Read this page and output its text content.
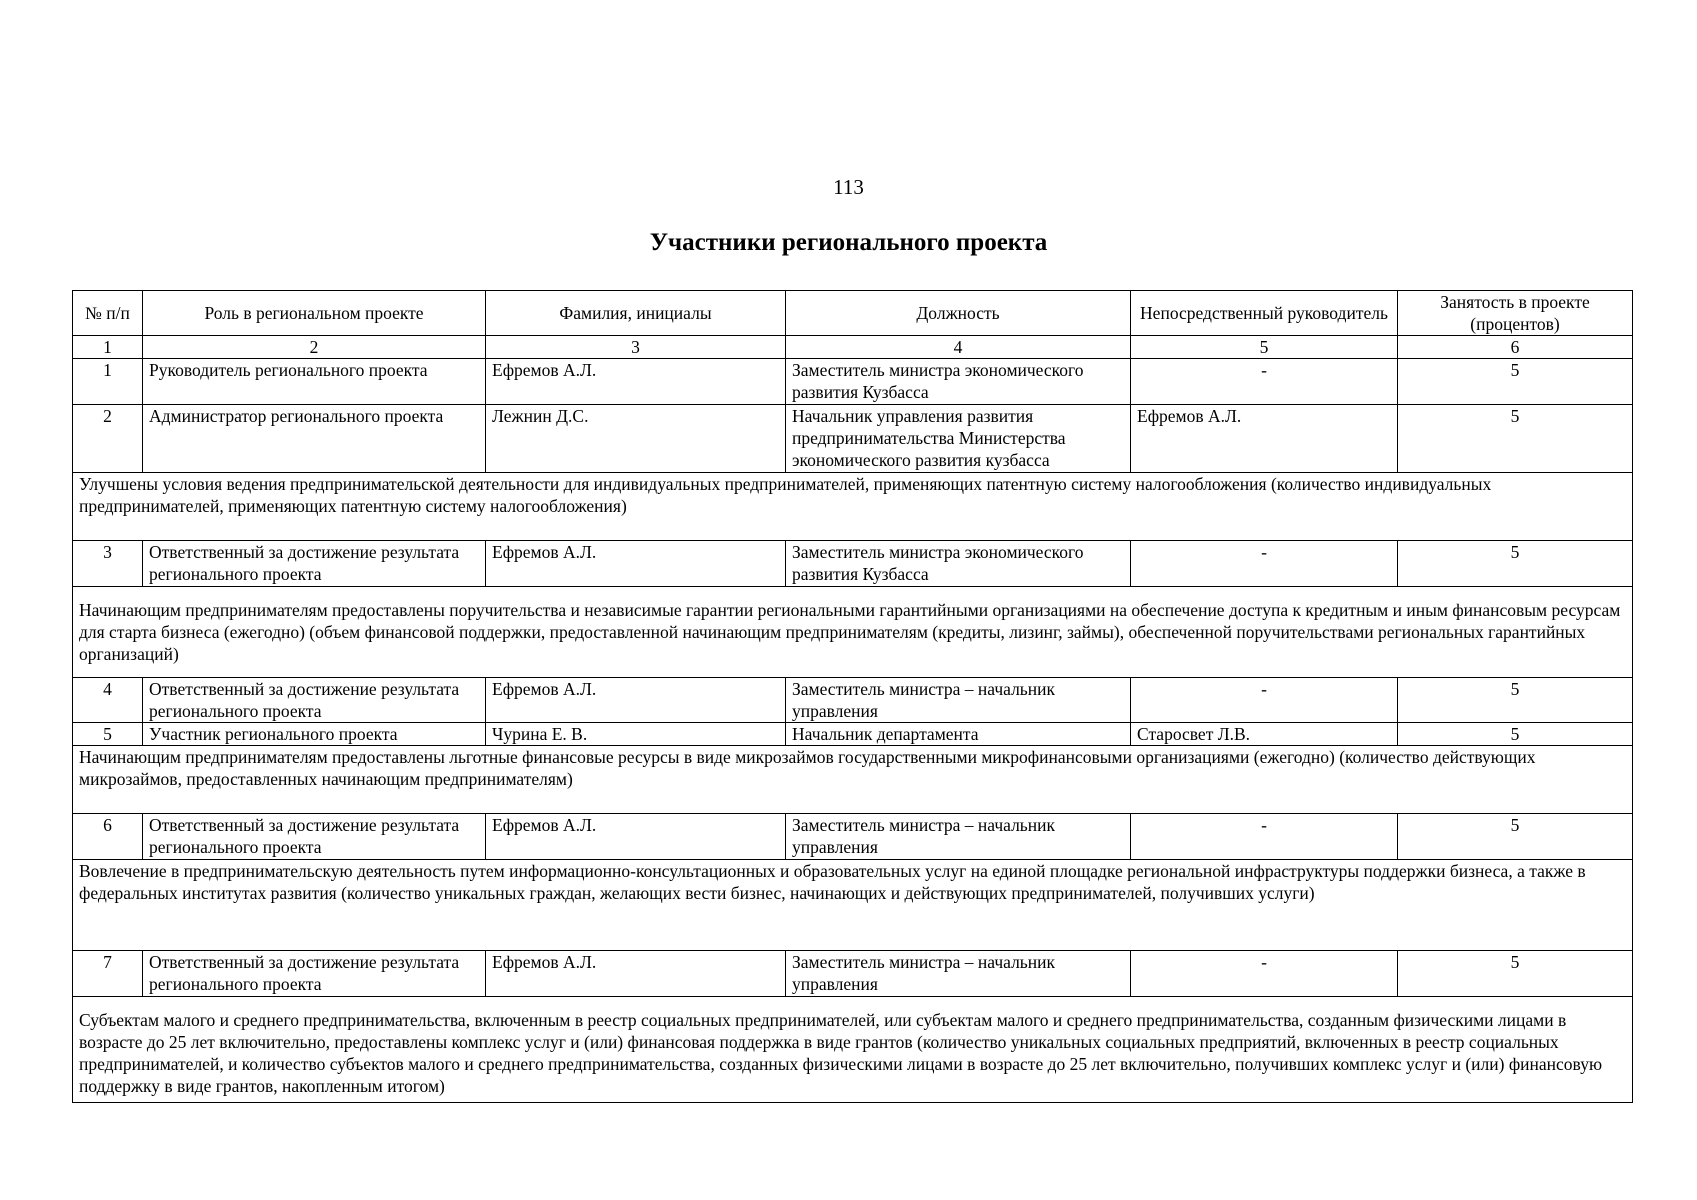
113
Участники регионального проекта
№ п/п	Роль в региональном проекте	Фамилия, инициалы	Должность	Непосредственный руководитель	Занятость в проекте (процентов)
1	2	3	4	5	6
1	Руководитель регионального проекта	Ефремов А.Л.	Заместитель министра экономического развития Кузбасса	-	5
2	Администратор регионального проекта	Лежнин Д.С.	Начальник управления развития предпринимательства Министерства экономического развития кузбасса	Ефремов А.Л.	5
Улучшены условия ведения предпринимательской деятельности для индивидуальных предпринимателей, применяющих патентную систему налогообложения (количество индивидуальных предпринимателей, применяющих патентную систему налогообложения)					
3	Ответственный за достижение результата регионального проекта	Ефремов А.Л.	Заместитель министра экономического развития Кузбасса	-	5
Начинающим предпринимателям предоставлены поручительства и независимые гарантии региональными гарантийными организациями на обеспечение доступа к кредитным и иным финансовым ресурсам для старта бизнеса (ежегодно) (объем финансовой поддержки, предоставленной начинающим предпринимателям (кредиты, лизинг, займы), обеспеченной поручительствами региональных гарантийных организаций)					
4	Ответственный за достижение результата регионального проекта	Ефремов А.Л.	Заместитель министра – начальник управления	-	5
5	Участник регионального проекта	Чурина Е. В.	Начальник департамента	Старосвет Л.В.	5
Начинающим предпринимателям предоставлены льготные финансовые ресурсы в виде микрозаймов государственными микрофинансовыми организациями (ежегодно) (количество действующих микрозаймов, предоставленных начинающим предпринимателям)					
6	Ответственный за достижение результата регионального проекта	Ефремов А.Л.	Заместитель министра – начальник управления	-	5
Вовлечение в предпринимательскую деятельность путем информационно-консультационных и образовательных услуг на единой площадке региональной инфраструктуры поддержки бизнеса, а также в федеральных институтах развития (количество уникальных граждан, желающих вести бизнес, начинающих и действующих предпринимателей, получивших услуги)					
7	Ответственный за достижение результата регионального проекта	Ефремов А.Л.	Заместитель министра – начальник управления	-	5
Субъектам малого и среднего предпринимательства, включенным в реестр социальных предпринимателей, или субъектам малого и среднего предпринимательства, созданным физическими лицами в возрасте до 25 лет включительно, предоставлены комплекс услуг и (или) финансовая поддержка в виде грантов (количество уникальных социальных предприятий, включенных в реестр социальных предпринимателей, и количество субъектов малого и среднего предпринимательства, созданных физическими лицами в возрасте до 25 лет включительно, получивших комплекс услуг и (или) финансовую поддержку в виде грантов, накопленным итогом)					
